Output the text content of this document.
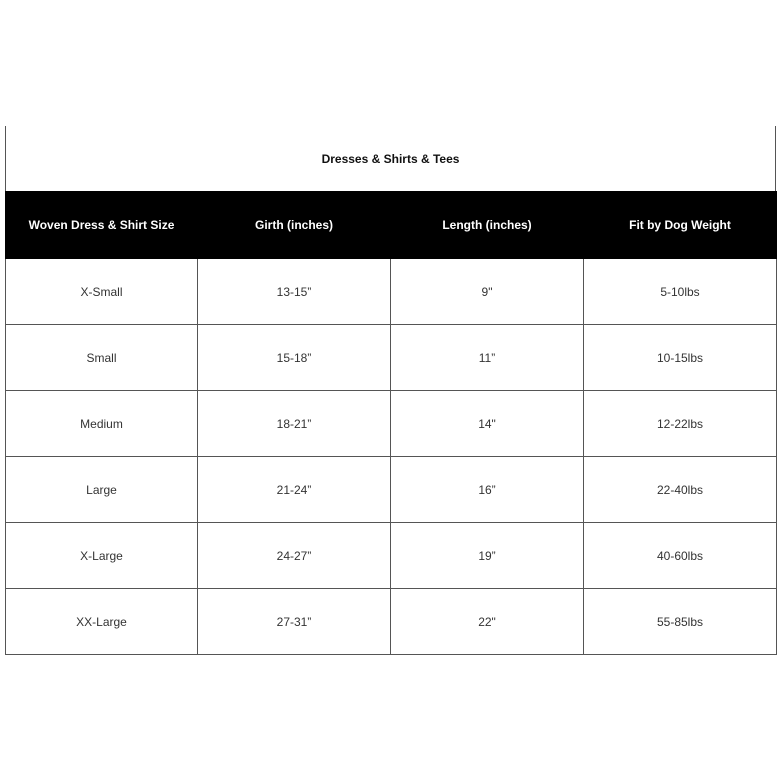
Dresses & Shirts & Tees
Woven Dress & Shirt Size	Girth (inches)	Length (inches)	Fit by Dog Weight
X-Small	13-15”	9"	5-10lbs
Small	15-18”	11”	10-15lbs
Medium	18-21”	14"	12-22lbs
Large	21-24”	16”	22-40lbs
X-Large	24-27”	19”	40-60lbs
XX-Large	27-31”	22"	55-85lbs
